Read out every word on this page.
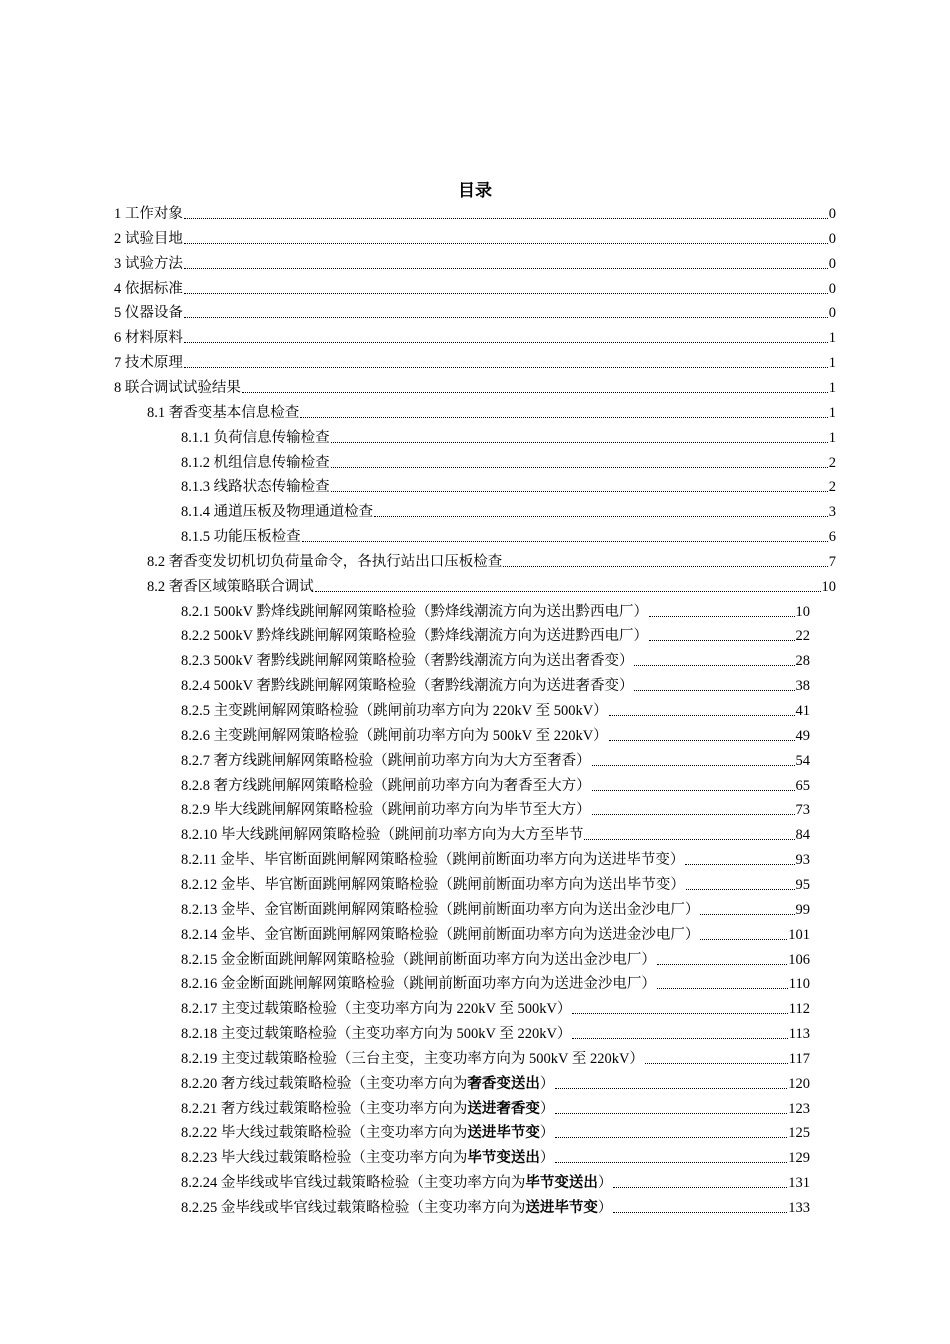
目录
1 工作对象	0
2 试验目地	0
3 试验方法	0
4 依据标准	0
5 仪器设备	0
6 材料原料	1
7 技术原理	1
8 联合调试试验结果	1
8.1 奢香变基本信息检查	1
8.1.1 负荷信息传输检查	1
8.1.2 机组信息传输检查	2
8.1.3 线路状态传输检查	2
8.1.4 通道压板及物理通道检查	3
8.1.5 功能压板检查	6
8.2 奢香变发切机切负荷量命令，各执行站出口压板检查	7
8.2 奢香区域策略联合调试	10
8.2.1 500kV 黔烽线跳闸解网策略检验（黔烽线潮流方向为送出黔西电厂）	10
8.2.2 500kV 黔烽线跳闸解网策略检验（黔烽线潮流方向为送进黔西电厂）	22
8.2.3 500kV 奢黔线跳闸解网策略检验（奢黔线潮流方向为送出奢香变）	28
8.2.4 500kV 奢黔线跳闸解网策略检验（奢黔线潮流方向为送进奢香变）	38
8.2.5 主变跳闸解网策略检验（跳闸前功率方向为 220kV 至 500kV）	41
8.2.6 主变跳闸解网策略检验（跳闸前功率方向为 500kV 至 220kV）	49
8.2.7 奢方线跳闸解网策略检验（跳闸前功率方向为大方至奢香）	54
8.2.8 奢方线跳闸解网策略检验（跳闸前功率方向为奢香至大方）	65
8.2.9 毕大线跳闸解网策略检验（跳闸前功率方向为毕节至大方）	73
8.2.10 毕大线跳闸解网策略检验（跳闸前功率方向为大方至毕节	84
8.2.11 金毕、毕官断面跳闸解网策略检验（跳闸前断面功率方向为送进毕节变）	93
8.2.12 金毕、毕官断面跳闸解网策略检验（跳闸前断面功率方向为送出毕节变）	95
8.2.13 金毕、金官断面跳闸解网策略检验（跳闸前断面功率方向为送出金沙电厂）	99
8.2.14 金毕、金官断面跳闸解网策略检验（跳闸前断面功率方向为送进金沙电厂）	101
8.2.15 金金断面跳闸解网策略检验（跳闸前断面功率方向为送出金沙电厂）	106
8.2.16 金金断面跳闸解网策略检验（跳闸前断面功率方向为送进金沙电厂）	110
8.2.17 主变过载策略检验（主变功率方向为 220kV 至 500kV）	112
8.2.18 主变过载策略检验（主变功率方向为 500kV 至 220kV）	113
8.2.19 主变过载策略检验（三台主变，主变功率方向为 500kV 至 220kV）	117
8.2.20 奢方线过载策略检验（主变功率方向为奢香变送出）	120
8.2.21 奢方线过载策略检验（主变功率方向为送进奢香变）	123
8.2.22 毕大线过载策略检验（主变功率方向为送进毕节变）	125
8.2.23 毕大线过载策略检验（主变功率方向为毕节变送出）	129
8.2.24 金毕线或毕官线过载策略检验（主变功率方向为毕节变送出）	131
8.2.25 金毕线或毕官线过载策略检验（主变功率方向为送进毕节变）	133
